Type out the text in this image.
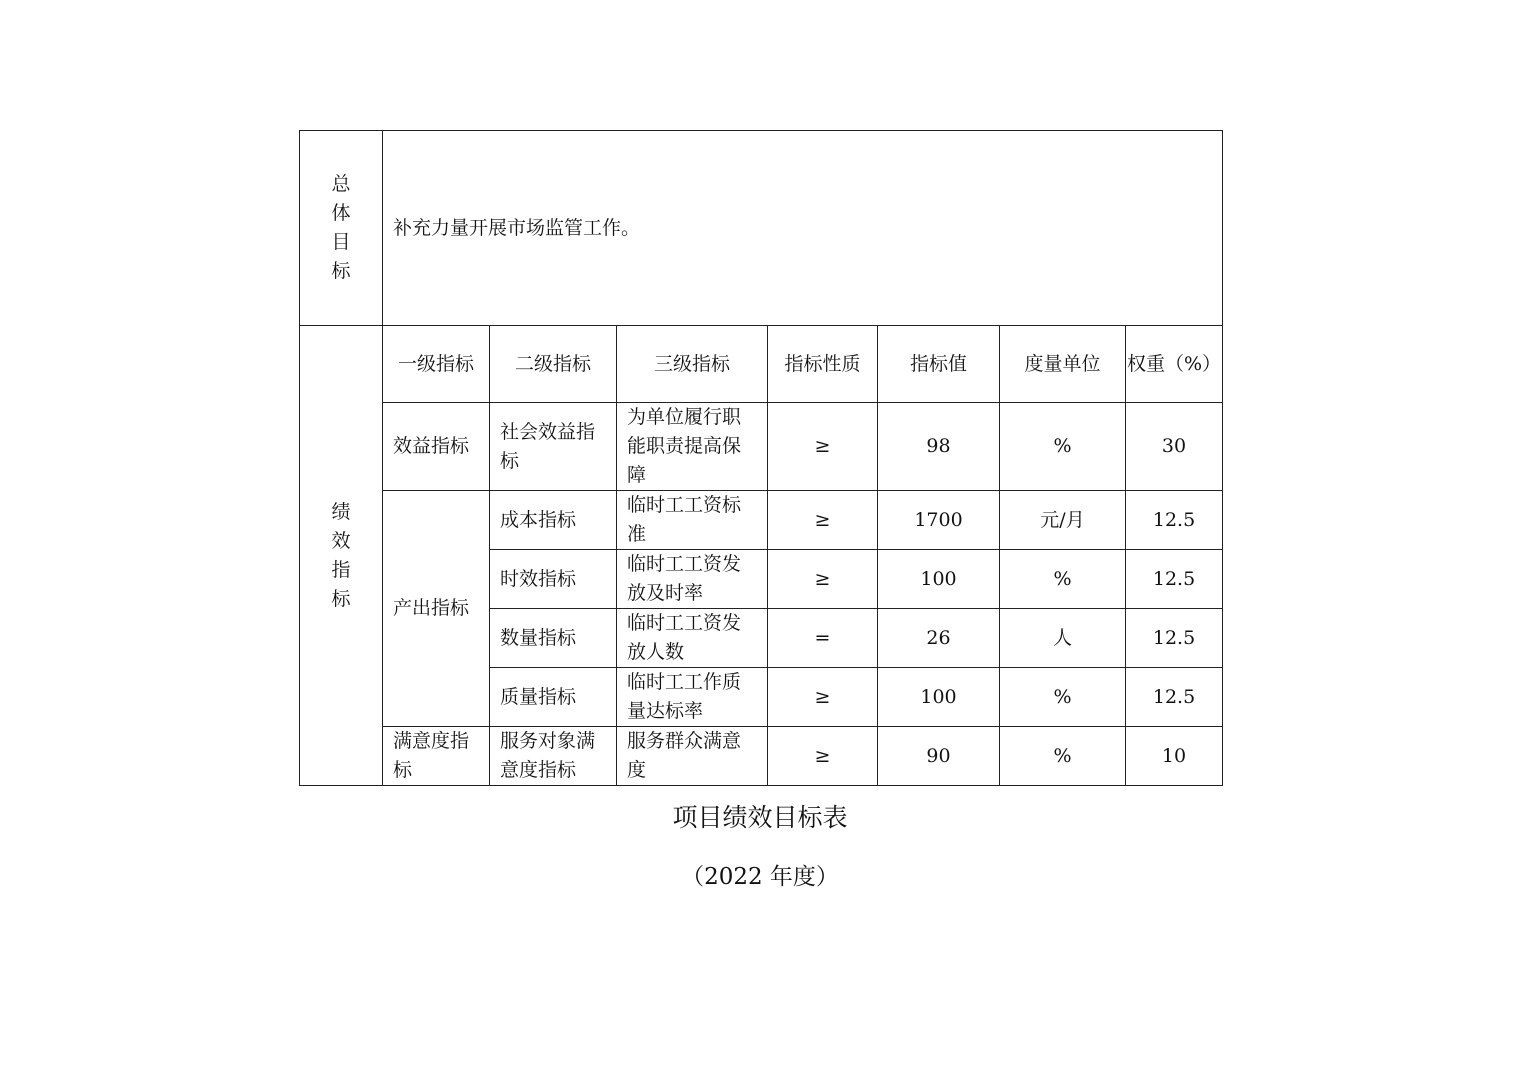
总体目标	补充力量开展市场监管工作。						
绩效指标	一级指标	二级指标	三级指标	指标性质	指标值	度量单位	权重（%）
	效益指标	社会效益指标	为单位履行职能职责提高保障	≥	98	%	30
	产出指标	成本指标	临时工工资标准	≥	1700	元/月	12.5
		时效指标	临时工工资发放及时率	≥	100	%	12.5
		数量指标	临时工工资发放人数	=	26	人	12.5
		质量指标	临时工工作质量达标率	≥	100	%	12.5
	满意度指标	服务对象满意度指标	服务群众满意度	≥	90	%	10
项目绩效目标表
（2022 年度）
